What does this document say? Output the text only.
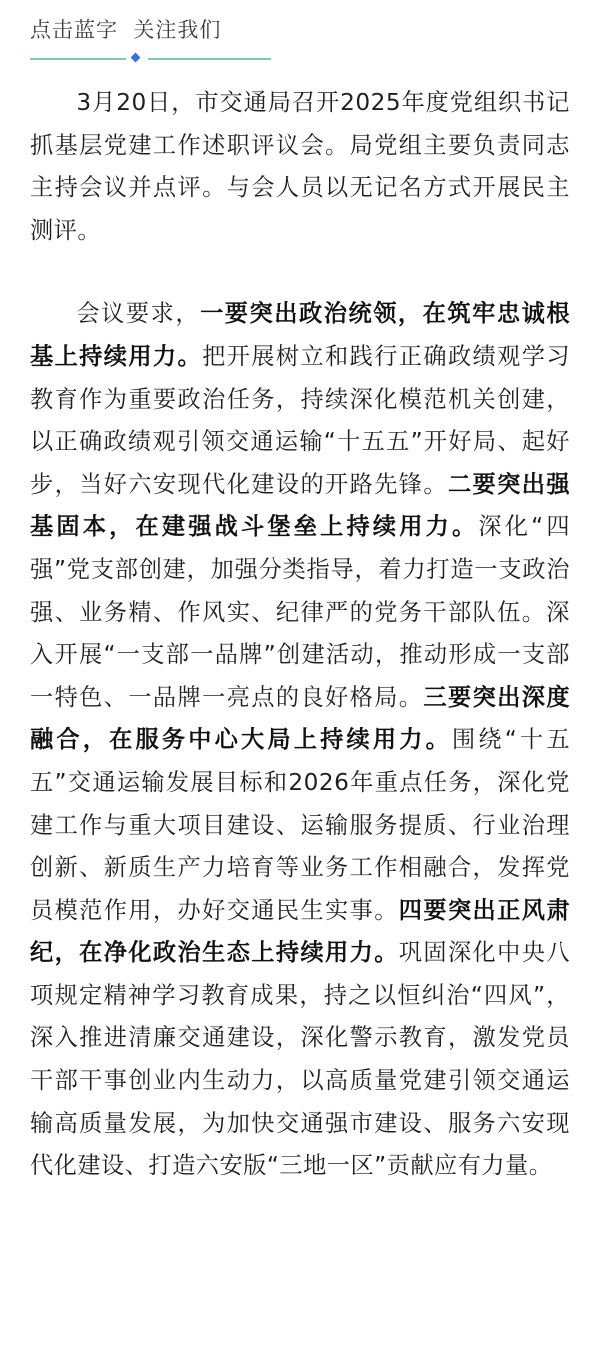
点击蓝字  关注我们

3月20日，市交通局召开2025年度党组织书记抓基层党建工作述职评议会。局党组主要负责同志主持会议并点评。与会人员以无记名方式开展民主测评。

会议要求，一要突出政治统领，在筑牢忠诚根基上持续用力。把开展树立和践行正确政绩观学习教育作为重要政治任务，持续深化模范机关创建，以正确政绩观引领交通运输“十五五”开好局、起好步，当好六安现代化建设的开路先锋。二要突出强基固本，在建强战斗堡垒上持续用力。深化“四强”党支部创建，加强分类指导，着力打造一支政治强、业务精、作风实、纪律严的党务干部队伍。深入开展“一支部一品牌”创建活动，推动形成一支部一特色、一品牌一亮点的良好格局。三要突出深度融合，在服务中心大局上持续用力。围绕“十五五”交通运输发展目标和2026年重点任务，深化党建工作与重大项目建设、运输服务提质、行业治理创新、新质生产力培育等业务工作相融合，发挥党员模范作用，办好交通民生实事。四要突出正风肃纪，在净化政治生态上持续用力。巩固深化中央八项规定精神学习教育成果，持之以恒纠治“四风”，深入推进清廉交通建设，深化警示教育，激发党员干部干事创业内生动力，以高质量党建引领交通运输高质量发展，为加快交通强市建设、服务六安现代化建设、打造六安版“三地一区”贡献应有力量。
